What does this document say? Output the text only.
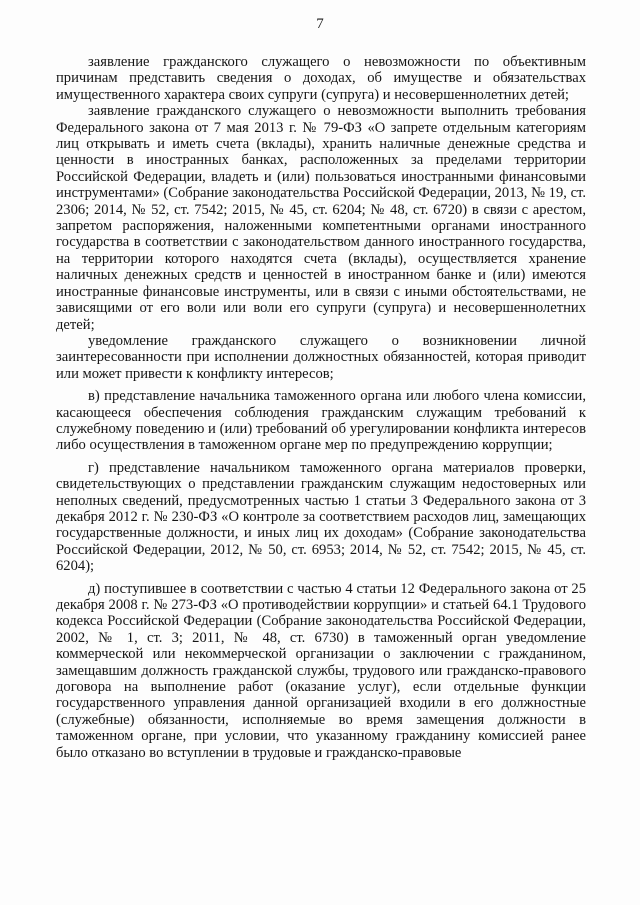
7

заявление гражданского служащего о невозможности по объективным причинам представить сведения о доходах, об имуществе и обязательствах имущественного характера своих супруги (супруга) и несовершеннолетних детей;

заявление гражданского служащего о невозможности выполнить требования Федерального закона от 7 мая 2013 г. № 79-ФЗ «О запрете отдельным категориям лиц открывать и иметь счета (вклады), хранить наличные денежные средства и ценности в иностранных банках, расположенных за пределами территории Российской Федерации, владеть и (или) пользоваться иностранными финансовыми инструментами» (Собрание законодательства Российской Федерации, 2013, № 19, ст. 2306; 2014, № 52, ст. 7542; 2015, № 45, ст. 6204; № 48, ст. 6720) в связи с арестом, запретом распоряжения, наложенными компетентными органами иностранного государства в соответствии с законодательством данного иностранного государства, на территории которого находятся счета (вклады), осуществляется хранение наличных денежных средств и ценностей в иностранном банке и (или) имеются иностранные финансовые инструменты, или в связи с иными обстоятельствами, не зависящими от его воли или воли его супруги (супруга) и несовершеннолетних детей;

уведомление гражданского служащего о возникновении личной заинтересованности при исполнении должностных обязанностей, которая приводит или может привести к конфликту интересов;

в) представление начальника таможенного органа или любого члена комиссии, касающееся обеспечения соблюдения гражданским служащим требований к служебному поведению и (или) требований об урегулировании конфликта интересов либо осуществления в таможенном органе мер по предупреждению коррупции;

г) представление начальником таможенного органа материалов проверки, свидетельствующих о представлении гражданским служащим недостоверных или неполных сведений, предусмотренных частью 1 статьи 3 Федерального закона от 3 декабря 2012 г. № 230-ФЗ «О контроле за соответствием расходов лиц, замещающих государственные должности, и иных лиц их доходам» (Собрание законодательства Российской Федерации, 2012, № 50, ст. 6953; 2014, № 52, ст. 7542; 2015, № 45, ст. 6204);

д) поступившее в соответствии с частью 4 статьи 12 Федерального закона от 25 декабря 2008 г. № 273-ФЗ «О противодействии коррупции» и статьей 64.1 Трудового кодекса Российской Федерации (Собрание законодательства Российской Федерации, 2002, № 1, ст. 3; 2011, № 48, ст. 6730) в таможенный орган уведомление коммерческой или некоммерческой организации о заключении с гражданином, замещавшим должность гражданской службы, трудового или гражданско-правового договора на выполнение работ (оказание услуг), если отдельные функции государственного управления данной организацией входили в его должностные (служебные) обязанности, исполняемые во время замещения должности в таможенном органе, при условии, что указанному гражданину комиссией ранее было отказано во вступлении в трудовые и гражданско-правовые
